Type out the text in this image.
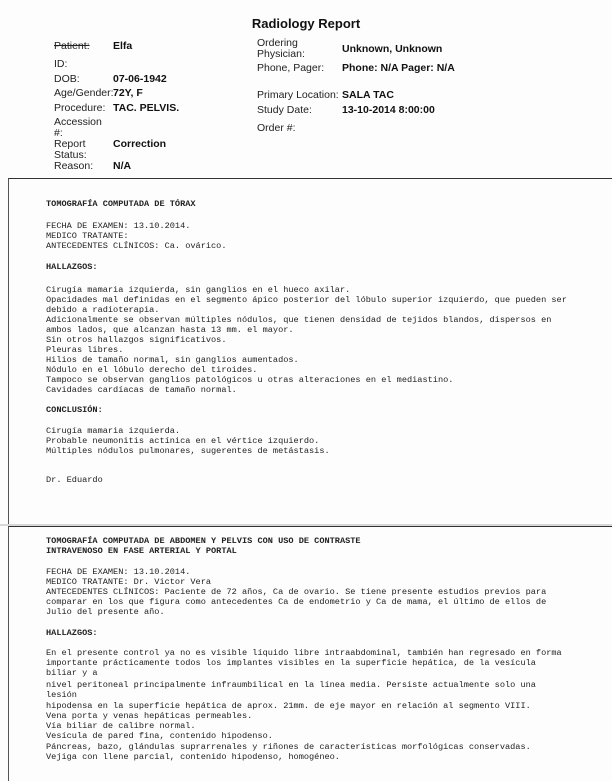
Radiology Report
Patient: Elfa
ID:
DOB:	07-06-1942
Age/Gender: 72Y, F
Procedure: TAC. PELVIS.
Accession
#:
Report	Correction
Status:
Reason: N/A
Ordering
Physician:	Unknown, Unknown
Phone, Pager: Phone: N/A Pager: N/A
Primary Location: SALA TAC
Study Date:	13-10-2014 8:00:00
Order #:
TOMOGRAFÍA COMPUTADA DE TÓRAX
FECHA DE EXAMEN: 13.10.2014.
MEDICO TRATANTE:
ANTECEDENTES CLÍNICOS: Ca. ovárico.
HALLAZGOS:
Cirugía mamaria izquierda, sin ganglios en el hueco axilar.
Opacidades mal definidas en el segmento ápico posterior del lóbulo superior izquierdo, que pueden ser
debido a radioterapia.
Adicionalmente se observan múltiples nódulos, que tienen densidad de tejidos blandos, dispersos en
ambos lados, que alcanzan hasta 13 mm. el mayor.
Sin otros hallazgos significativos.
Pleuras libres.
Hilios de tamaño normal, sin ganglios aumentados.
Nódulo en el lóbulo derecho del tiroides.
Tampoco se observan ganglios patológicos u otras alteraciones en el mediastino.
Cavidades cardíacas de tamaño normal.
CONCLUSIÓN:
Cirugía mamaria izquierda.
Probable neumonitis actínica en el vértice izquierdo.
Múltiples nódulos pulmonares, sugerentes de metástasis.
Dr. Eduardo
TOMOGRAFÍA COMPUTADA DE ABDOMEN Y PELVIS CON USO DE CONTRASTE
INTRAVENOSO EN FASE ARTERIAL Y PORTAL
FECHA DE EXAMEN: 13.10.2014.
MEDICO TRATANTE: Dr. Victor Vera
ANTECEDENTES CLÍNICOS: Paciente de 72 años, Ca de ovario. Se tiene presente estudios previos para
comparar en los que figura como antecedentes Ca de endometrio y Ca de mama, el último de ellos de
Julio del presente año.
HALLAZGOS:
En el presente control ya no es visible líquido libre intraabdominal, también han regresado en forma
importante prácticamente todos los implantes visibles en la superficie hepática, de la vesícula
biliar y a
nivel peritoneal principalmente infraumbilical en la línea media. Persiste actualmente solo una
lesión
hipodensa en la superficie hepática de aprox. 21mm. de eje mayor en relación al segmento VIII.
Vena porta y venas hepáticas permeables.
Vía biliar de calibre normal.
Vesícula de pared fina, contenido hipodenso.
Páncreas, bazo, glándulas suprarrenales y riñones de características morfológicas conservadas.
Vejiga con llene parcial, contenido hipodenso, homogéneo.
